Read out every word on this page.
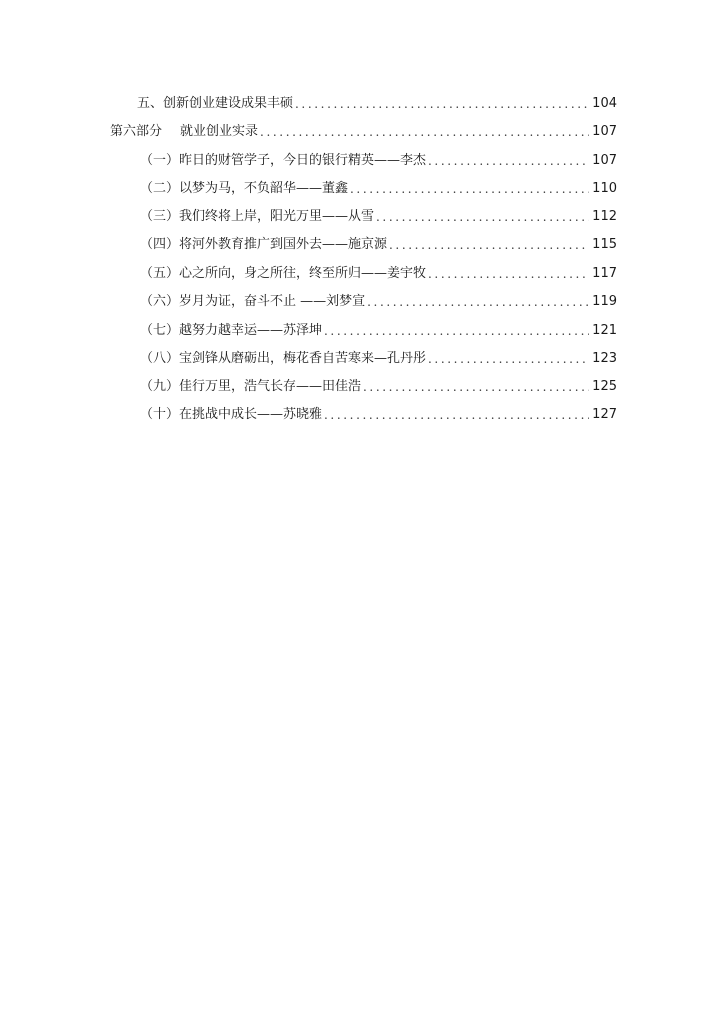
五、创新创业建设成果丰硕 .....	104
第六部分 就业创业实录 .....	107
（一）昨日的财管学子，今日的银行精英——李杰 .....	107
（二）以梦为马，不负韶华——董鑫 .....	110
（三）我们终将上岸，阳光万里——从雪 .....	112
（四）将河外教育推广到国外去——施京源 .....	115
（五）心之所向，身之所往，终至所归——姜宇牧 .....	117
（六）岁月为证，奋斗不止 ——刘梦宣 .....	119
（七）越努力越幸运——苏泽坤 .....	121
（八）宝剑锋从磨砺出，梅花香自苦寒来—孔丹彤 .....	123
（九）佳行万里，浩气长存——田佳浩 .....	125
（十）在挑战中成长——苏晓雅 .....	127
